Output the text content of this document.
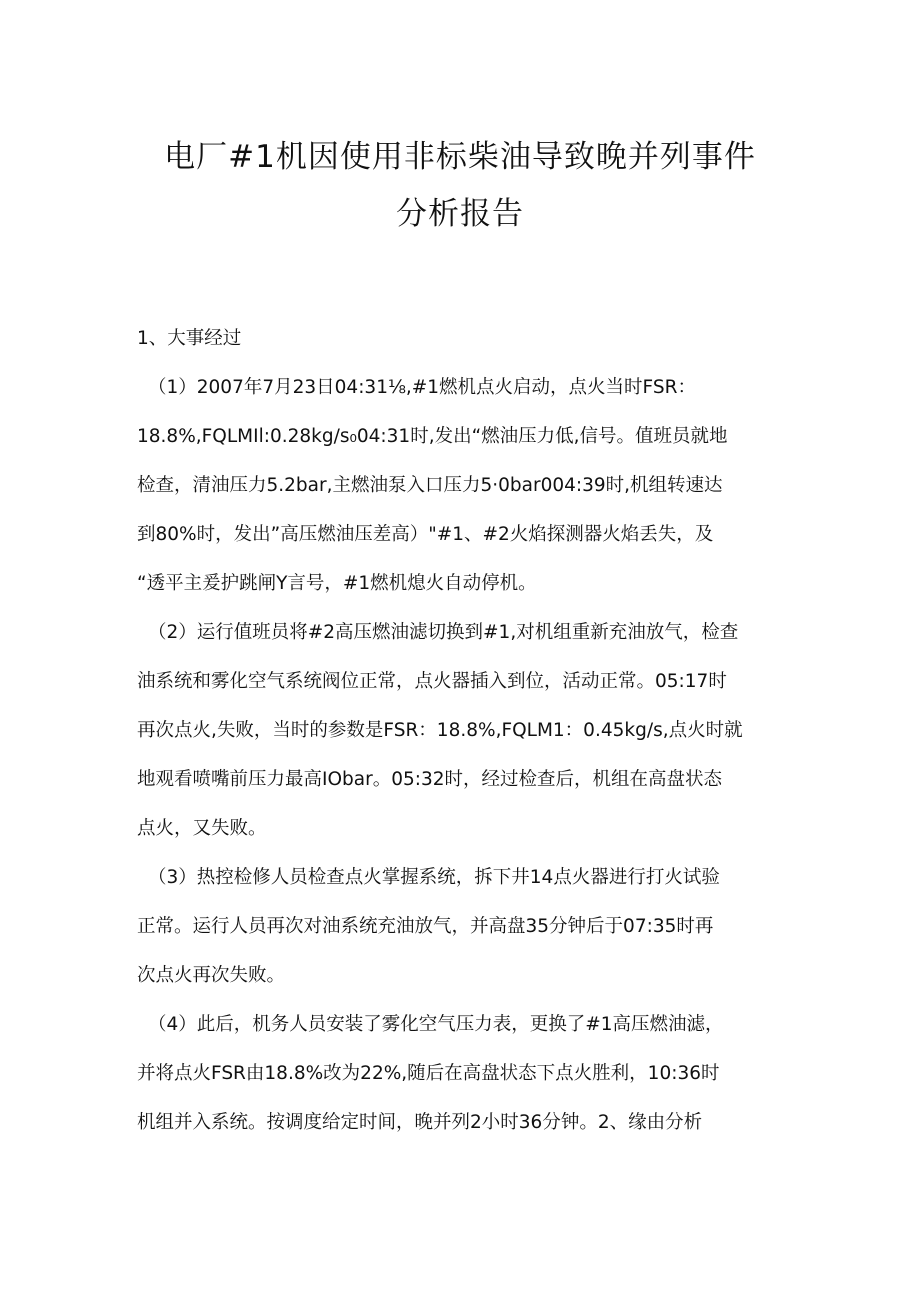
电厂#1机因使用非标柴油导致晚并列事件
分析报告
1、大事经过
（1）2007年7月23日04:31⅛,#1燃机点火启动，点火当时FSR：
18.8%,FQLMIl:0.28kg∕s₀04:31时,发出“燃油压力低,信号。值班员就地
检查，清油压力5.2bar,主燃油泵入口压力5·0bar004:39时,机组转速达
到80%时，发出”高压燃油压差高）"#1、#2火焰探测器火焰丢失，及
“透平主爰护跳闸Y言号，#1燃机熄火自动停机。
（2）运行值班员将#2高压燃油滤切换到#1,对机组重新充油放气，检查
油系统和雾化空气系统阀位正常，点火器插入到位，活动正常。05:17时
再次点火,失败，当时的参数是FSR：18.8%,FQLM1：0.45kg∕s,点火时就
地观看喷嘴前压力最高IObar。05:32时，经过检查后，机组在高盘状态
点火，又失败。
（3）热控检修人员检查点火掌握系统，拆下井14点火器进行打火试验
正常。运行人员再次对油系统充油放气，并高盘35分钟后于07:35时再
次点火再次失败。
（4）此后，机务人员安装了雾化空气压力表，更换了#1高压燃油滤，
并将点火FSR由18.8%改为22%,随后在高盘状态下点火胜利，10:36时
机组并入系统。按调度给定时间，晚并列2小时36分钟。2、缘由分析
